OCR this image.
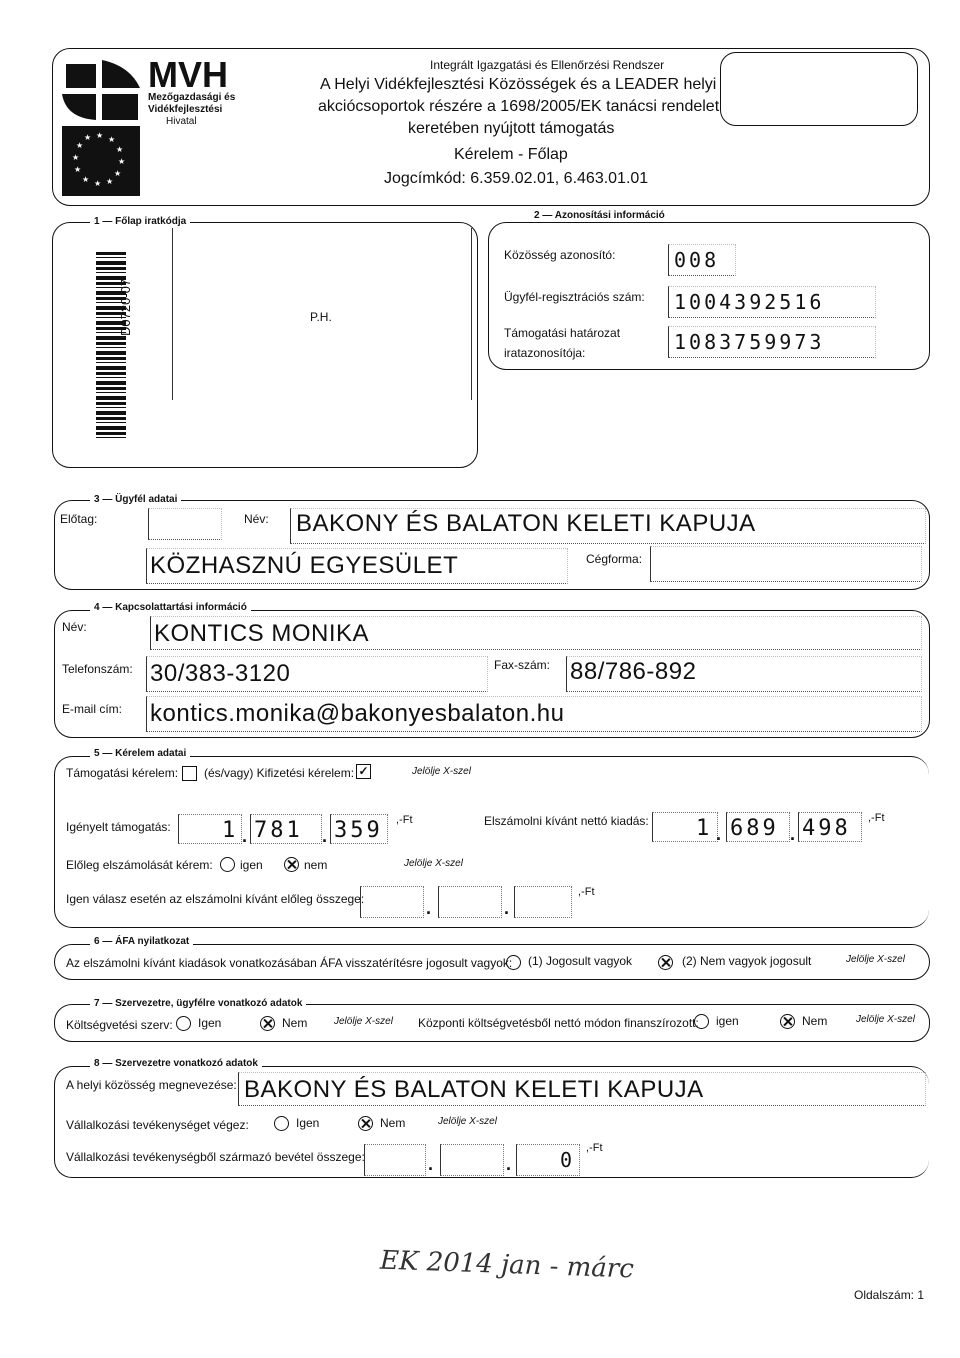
★ ★
★
★
★
★
★
★
★
★
★
★
MVH
Mezőgazdasági és
Vidékfejlesztési
Hivatal
Integrált Igazgatási és Ellenőrzési Rendszer
A Helyi Vidékfejlesztési Közösségek és a LEADER helyi
akciócsoportok részére a 1698/2005/EK tanácsi rendelet
keretében nyújtott támogatás
Kérelem - Főlap
Jogcímkód: 6.359.02.01, 6.463.01.01
1 — Főlap iratkódja
D0720-07	P.H.
2 — Azonosítási információ
Közösség azonosító:	008
Ügyfél-regisztrációs szám: 1004392516
Támogatási határozat
iratazonosítója:	1083759973
3 — Ügyfél adatai
Előtag:	Név: BAKONY ÉS BALATON KELETI KAPUJA
KÖZHASZNÚ EGYESÜLET	Cégforma:
4 — Kapcsolattartási információ
Név:	KONTICS MONIKA
Telefonszám: 30/383-3120	Fax-szám: 88/786-892
E-mail cím: kontics.monika@bakonyesbalaton.hu
5 — Kérelem adatai
Támogatási kérelem: (és/vagy) Kifizetési kérelem: ✓	Jelölje X-szel
Igényelt támogatás: 1 . 781 . 359 ,-Ft	Elszámolni kívánt nettó kiadás: 1 . 689 . 498 ,-Ft
Előleg elszámolását kérem: igen	nem	Jelölje X-szel
Igen válasz esetén az elszámolni kívánt előleg összege:	.	.
,-Ft
6 — ÁFA nyilatkozat
Az elszámolni kívánt kiadások vonatkozásában ÁFA visszatérítésre jogosult vagyok: (1) Jogosult vagyok	(2) Nem vagyok jogosult	Jelölje X-szel
7 — Szervezetre, ügyfélre vonatkozó adatok
Költségvetési szerv: Igen	Nem	Jelölje X-szel Központi költségvetésből nettó módon finanszírozott: igen	Nem	Jelölje X-szel
8 — Szervezetre vonatkozó adatok
A helyi közösség megnevezése: BAKONY ÉS BALATON KELETI KAPUJA
Vállalkozási tevékenységet végez:	Igen	Nem	Jelölje X-szel
Vállalkozási tevékenységből származó bevétel összege:	.	. 0 ,-Ft
EK 2014 jan - márc
Oldalszám: 1
